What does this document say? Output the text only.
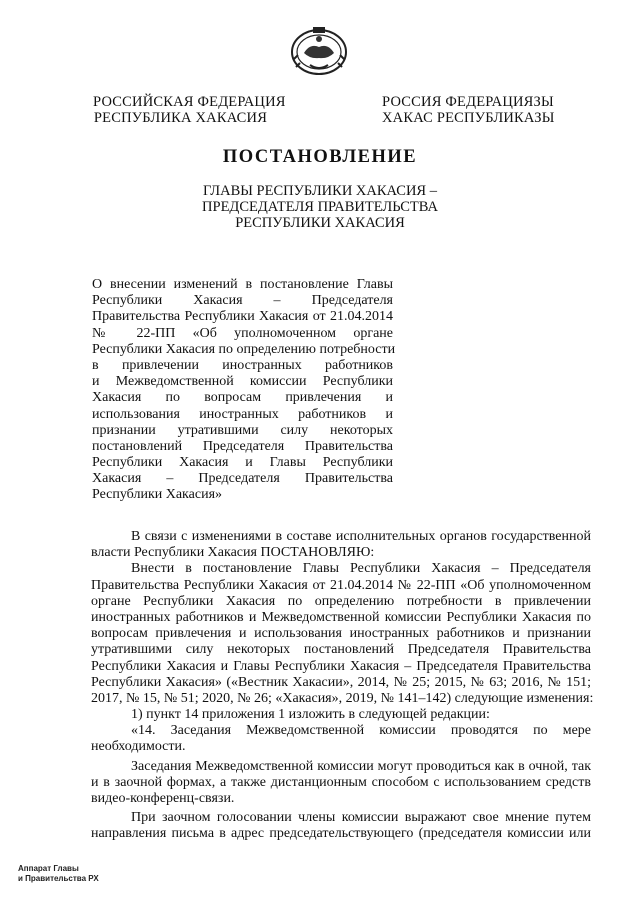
РОССИЙСКАЯ ФЕДЕРАЦИЯ
РЕСПУБЛИКА ХАКАСИЯ
РОССИЯ ФЕДЕРАЦИЯЗЫ
ХАКАС РЕСПУБЛИКАЗЫ
ПОСТАНОВЛЕНИЕ
ГЛАВЫ РЕСПУБЛИКИ ХАКАСИЯ –
ПРЕДСЕДАТЕЛЯ ПРАВИТЕЛЬСТВА
РЕСПУБЛИКИ ХАКАСИЯ
О внесении изменений в постановление Главы
Республики Хакасия – Председателя
Правительства Республики Хакасия от 21.04.2014
№ 22-ПП «Об уполномоченном органе
Республики Хакасия по определению потребности
в привлечении иностранных работников
и Межведомственной комиссии Республики
Хакасия по вопросам привлечения и
использования иностранных работников и
признании утратившими силу некоторых
постановлений Председателя Правительства
Республики Хакасия и Главы Республики
Хакасия – Председателя Правительства
Республики Хакасия»
В связи с изменениями в составе исполнительных органов государственной
власти Республики Хакасия ПОСТАНОВЛЯЮ:
Внести в постановление Главы Республики Хакасия – Председателя
Правительства Республики Хакасия от 21.04.2014 № 22-ПП «Об уполномоченном
органе Республики Хакасия по определению потребности в привлечении
иностранных работников и Межведомственной комиссии Республики Хакасия по
вопросам привлечения и использования иностранных работников и признании
утратившими силу некоторых постановлений Председателя Правительства
Республики Хакасия и Главы Республики Хакасия – Председателя Правительства
Республики Хакасия» («Вестник Хакасии», 2014, № 25; 2015, № 63; 2016, № 151;
2017, № 15, № 51; 2020, № 26; «Хакасия», 2019, № 141–142) следующие изменения:
1) пункт 14 приложения 1 изложить в следующей редакции:
«14. Заседания Межведомственной комиссии проводятся по мере
необходимости.
Заседания Межведомственной комиссии могут проводиться как в очной, так
и в заочной формах, а также дистанционным способом с использованием средств
видео-конференц-связи.
При заочном голосовании члены комиссии выражают свое мнение путем
направления письма в адрес председательствующего (председателя комиссии или
Аппарат Главы
и Правительства РХ
